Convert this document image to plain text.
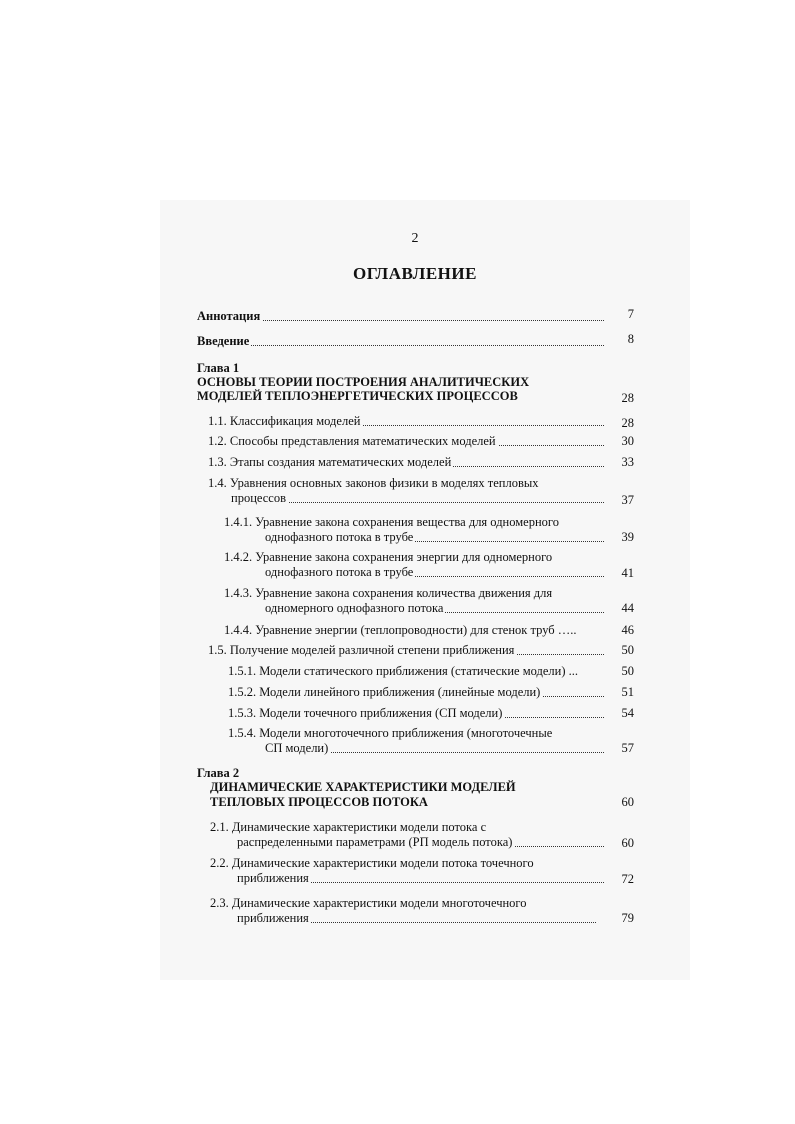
2
ОГЛАВЛЕНИЕ
Аннотация	7
Введение	8
Глава 1
ОСНОВЫ ТЕОРИИ ПОСТРОЕНИЯ АНАЛИТИЧЕСКИХ
МОДЕЛЕЙ ТЕПЛОЭНЕРГЕТИЧЕСКИХ ПРОЦЕССОВ	28
1.1. Классификация моделей	28
1.2. Способы представления математических моделей	30
1.3. Этапы создания математических моделей	33
1.4. Уравнения основных законов физики в моделях тепловых
процессов	37
1.4.1. Уравнение закона сохранения вещества для одномерного
однофазного потока в трубе	39
1.4.2. Уравнение закона сохранения энергии для одномерного
однофазного потока в трубе	41
1.4.3. Уравнение закона сохранения количества движения для
одномерного однофазного потока	44
1.4.4. Уравнение энергии (теплопроводности) для стенок труб …..	46
1.5. Получение моделей различной степени приближения	50
1.5.1. Модели статического приближения (статические модели) ...	50
1.5.2. Модели линейного приближения (линейные модели)	51
1.5.3. Модели точечного приближения (СП модели)	54
1.5.4. Модели многоточечного приближения (многоточечные
СП модели)	57
Глава 2
ДИНАМИЧЕСКИЕ ХАРАКТЕРИСТИКИ МОДЕЛЕЙ
ТЕПЛОВЫХ ПРОЦЕССОВ ПОТОКА	60
2.1. Динамические характеристики модели потока с
распределенными параметрами (РП модель потока)	60
2.2. Динамические характеристики модели потока точечного
приближения	72
2.3. Динамические характеристики модели многоточечного
приближения	79
